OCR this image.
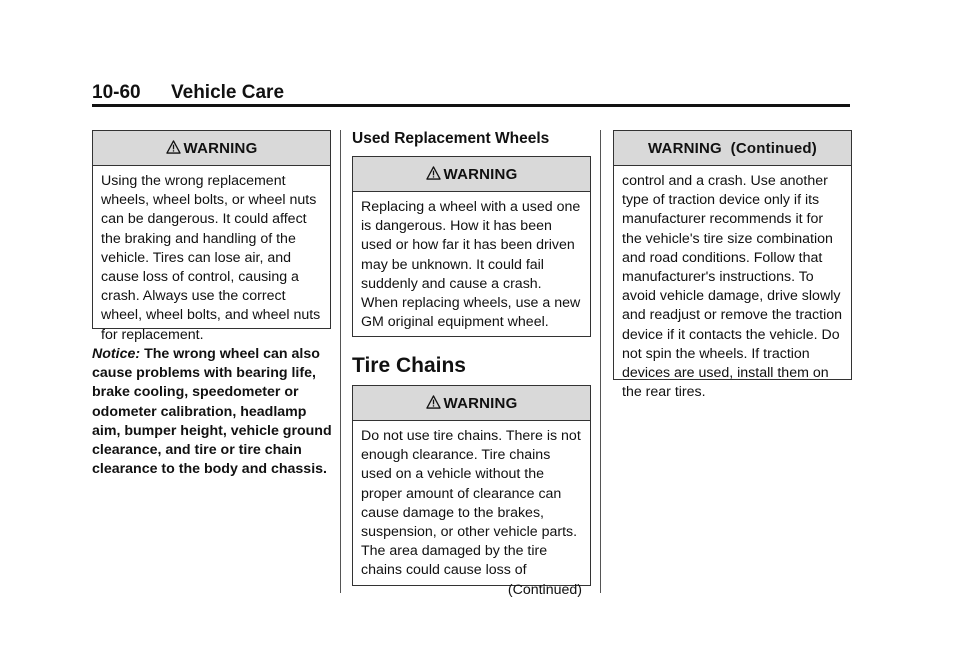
10-60 Vehicle Care
WARNING
Using the wrong replacement wheels, wheel bolts, or wheel nuts can be dangerous. It could affect the braking and handling of the vehicle. Tires can lose air, and cause loss of control, causing a crash. Always use the correct wheel, wheel bolts, and wheel nuts for replacement.
Notice: The wrong wheel can also cause problems with bearing life, brake cooling, speedometer or odometer calibration, headlamp aim, bumper height, vehicle ground clearance, and tire or tire chain clearance to the body and chassis.
Used Replacement Wheels
WARNING
Replacing a wheel with a used one is dangerous. How it has been used or how far it has been driven may be unknown. It could fail suddenly and cause a crash. When replacing wheels, use a new GM original equipment wheel.
Tire Chains
WARNING
Do not use tire chains. There is not enough clearance. Tire chains used on a vehicle without the proper amount of clearance can cause damage to the brakes, suspension, or other vehicle parts. The area damaged by the tire chains could cause loss of
(Continued)
WARNING  (Continued)
control and a crash. Use another type of traction device only if its manufacturer recommends it for the vehicle's tire size combination and road conditions. Follow that manufacturer's instructions. To avoid vehicle damage, drive slowly and readjust or remove the traction device if it contacts the vehicle. Do not spin the wheels. If traction devices are used, install them on the rear tires.
